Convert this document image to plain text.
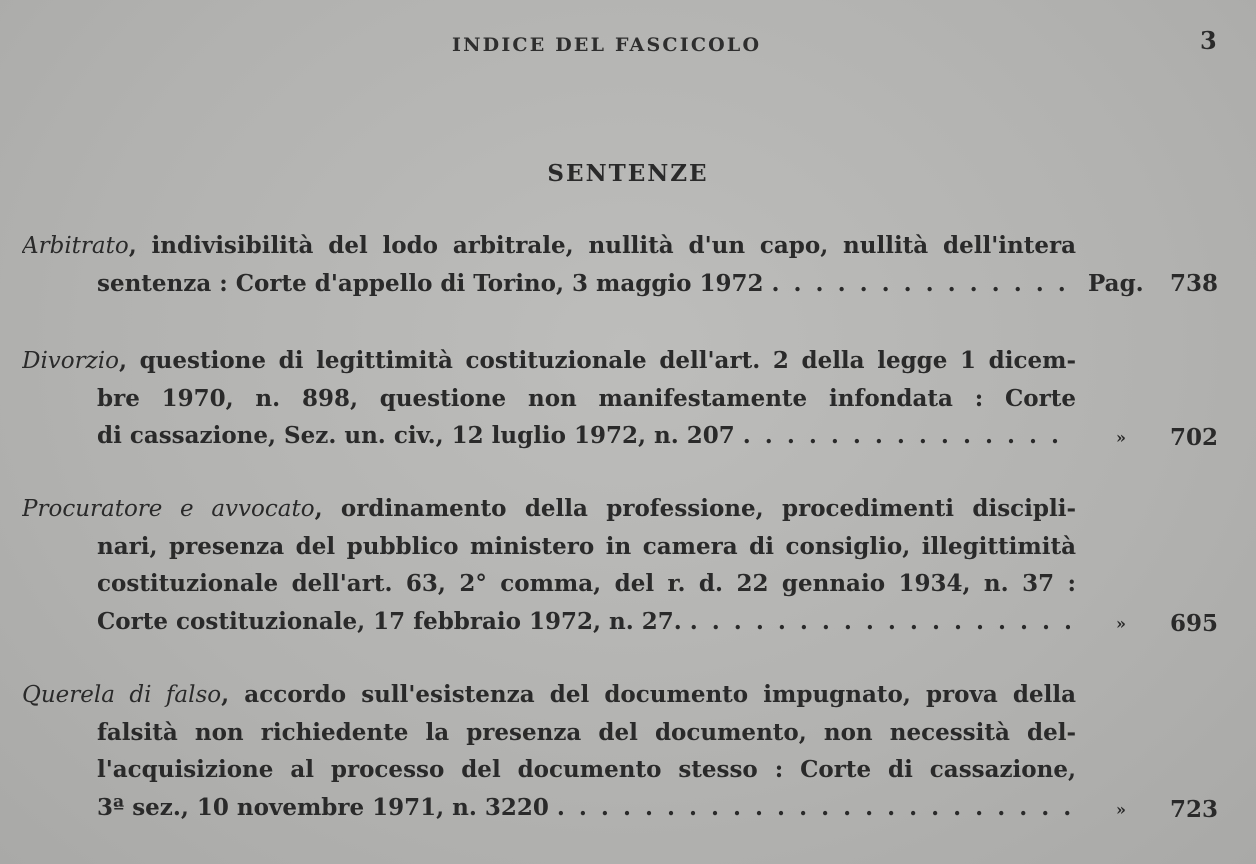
INDICE DEL FASCICOLO	3
SENTENZE
Arbitrato, indivisibilità del lodo arbitrale, nullità d'un capo, nullità dell'intera
sentenza : Corte d'appello di Torino, 3 maggio 1972 . . .	Pag. 738
Divorzio, questione di legittimità costituzionale dell'art. 2 della legge 1 dicem-
bre 1970, n. 898, questione non manifestamente infondata : Corte
di cassazione, Sez. un. civ., 12 luglio 1972, n. 207 . . .	» 702
Procuratore e avvocato, ordinamento della professione, procedimenti discipli-
nari, presenza del pubblico ministero in camera di consiglio, illegittimità
costituzionale dell'art. 63, 2° comma, del r. d. 22 gennaio 1934, n. 37 :
Corte costituzionale, 17 febbraio 1972, n. 27. . . .	» 695
Querela di falso, accordo sull'esistenza del documento impugnato, prova della
falsità non richiedente la presenza del documento, non necessità del-
l'acquisizione al processo del documento stesso : Corte di cassazione,
3ª sez., 10 novembre 1971, n. 3220 . . .	» 723
